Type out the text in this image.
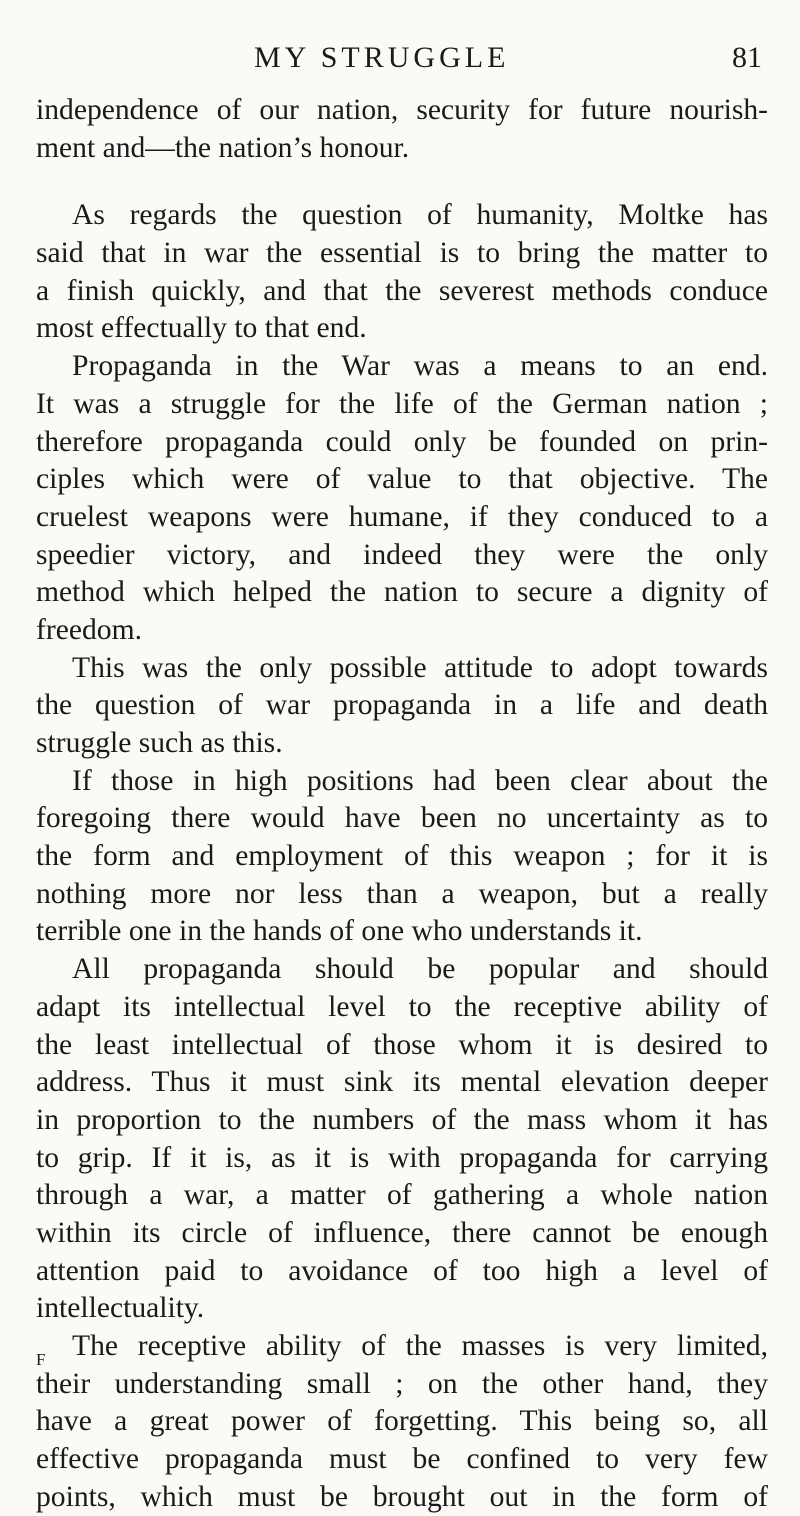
MY STRUGGLE	81
independence of our nation, security for future nourish-
ment and—the nation’s honour.
As regards the question of humanity, Moltke has
said that in war the essential is to bring the matter to
a finish quickly, and that the severest methods conduce
most effectually to that end.
Propaganda in the War was a means to an end.
It was a struggle for the life of the German nation ;
therefore propaganda could only be founded on prin-
ciples which were of value to that objective. The
cruelest weapons were humane, if they conduced to a
speedier victory, and indeed they were the only
method which helped the nation to secure a dignity of
freedom.
This was the only possible attitude to adopt towards
the question of war propaganda in a life and death
struggle such as this.
If those in high positions had been clear about the
foregoing there would have been no uncertainty as to
the form and employment of this weapon ; for it is
nothing more nor less than a weapon, but a really
terrible one in the hands of one who understands it.
All propaganda should be popular and should
adapt its intellectual level to the receptive ability of
the least intellectual of those whom it is desired to
address. Thus it must sink its mental elevation deeper
in proportion to the numbers of the mass whom it has
to grip. If it is, as it is with propaganda for carrying
through a war, a matter of gathering a whole nation
within its circle of influence, there cannot be enough
attention paid to avoidance of too high a level of
intellectuality.
The receptive ability of the masses is very limited,
their understanding small ; on the other hand, they
have a great power of forgetting. This being so, all
effective propaganda must be confined to very few
points, which must be brought out in the form of
F
